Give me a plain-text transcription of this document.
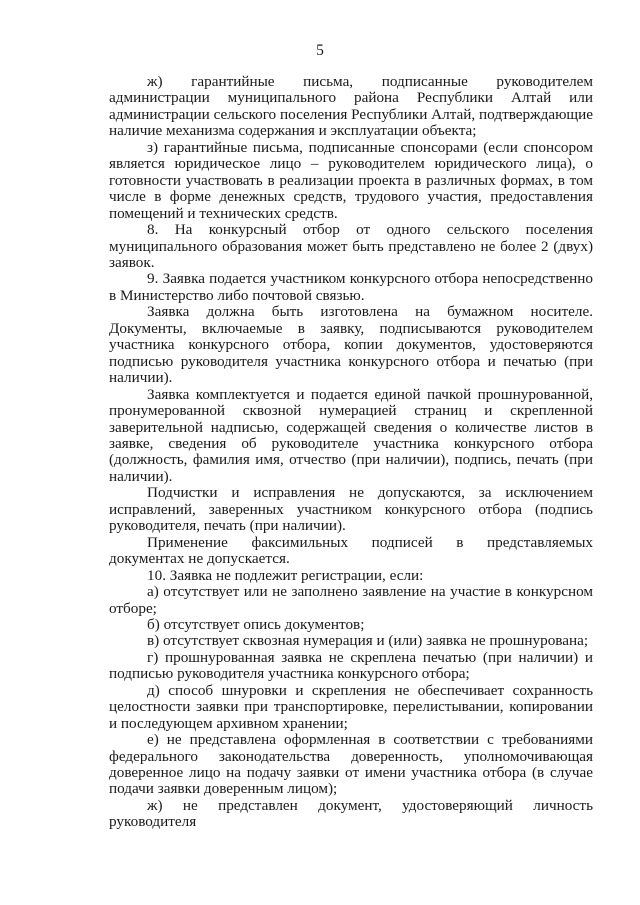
5

ж) гарантийные письма, подписанные руководителем администрации муниципального района Республики Алтай или администрации сельского поселения Республики Алтай, подтверждающие наличие механизма содержания и эксплуатации объекта;

з) гарантийные письма, подписанные спонсорами (если спонсором является юридическое лицо – руководителем юридического лица), о готовности участвовать в реализации проекта в различных формах, в том числе в форме денежных средств, трудового участия, предоставления помещений и технических средств.

8. На конкурсный отбор от одного сельского поселения муниципального образования может быть представлено не более 2 (двух) заявок.

9. Заявка подается участником конкурсного отбора непосредственно в Министерство либо почтовой связью.

Заявка должна быть изготовлена на бумажном носителе. Документы, включаемые в заявку, подписываются руководителем участника конкурсного отбора, копии документов, удостоверяются подписью руководителя участника конкурсного отбора и печатью (при наличии).

Заявка комплектуется и подается единой пачкой прошнурованной, пронумерованной сквозной нумерацией страниц и скрепленной заверительной надписью, содержащей сведения о количестве листов в заявке, сведения об руководителе участника конкурсного отбора (должность, фамилия имя, отчество (при наличии), подпись, печать (при наличии).

Подчистки и исправления не допускаются, за исключением исправлений, заверенных участником конкурсного отбора (подпись руководителя, печать (при наличии).

Применение факсимильных подписей в представляемых документах не допускается.

10. Заявка не подлежит регистрации, если:

а) отсутствует или не заполнено заявление на участие в конкурсном отборе;

б) отсутствует опись документов;

в) отсутствует сквозная нумерация и (или) заявка не прошнурована;

г) прошнурованная заявка не скреплена печатью (при наличии) и подписью руководителя участника конкурсного отбора;

д) способ шнуровки и скрепления не обеспечивает сохранность целостности заявки при транспортировке, перелистывании, копировании и последующем архивном хранении;

е) не представлена оформленная в соответствии с требованиями федерального законодательства доверенность, уполномочивающая доверенное лицо на подачу заявки от имени участника отбора (в случае подачи заявки доверенным лицом);

ж) не представлен документ, удостоверяющий личность руководителя
